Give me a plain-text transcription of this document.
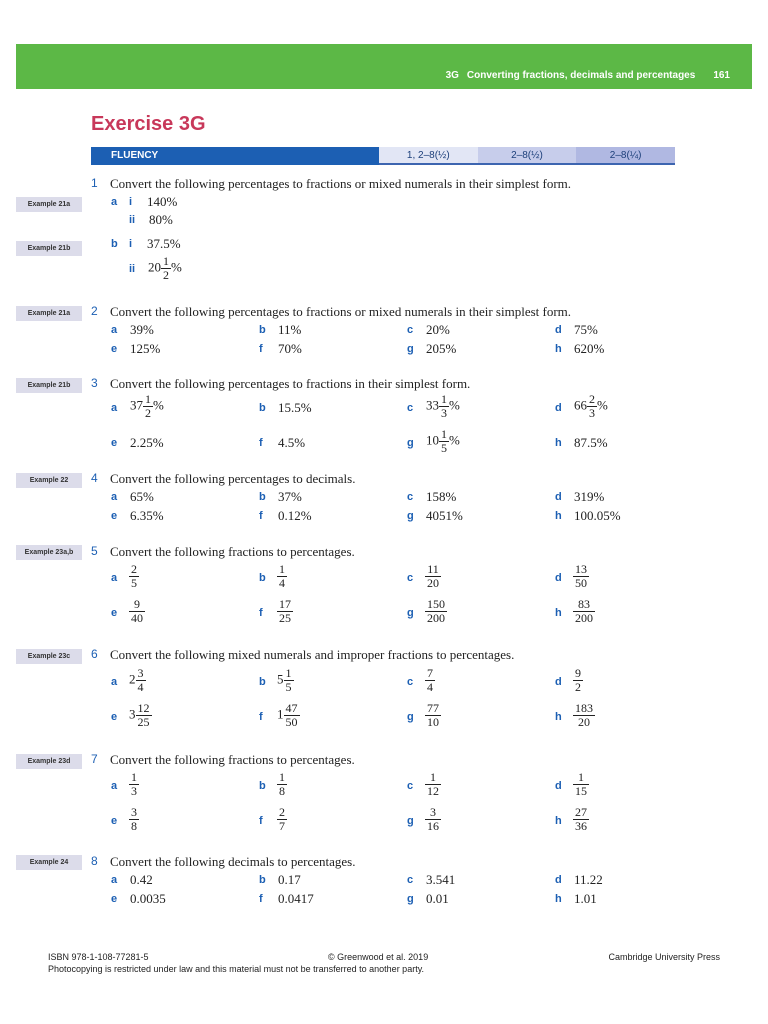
3G Converting fractions, decimals and percentages 161
Exercise 3G
FLUENCY	1, 2–8(½)	2–8(½)	2–8(¼)
Example 21a
Example 21b
Example 21a
Example 21b
Example 22
Example 23a,b
Example 23c
Example 23d
Example 24
1 Convert the following percentages to fractions or mixed numerals in their simplest form.
a i 140%
ii 80%
b i 37.5%
ii $20 \frac{1}{2}$ %
2 Convert the following percentages to fractions or mixed numerals in their simplest form.
a 39%	b 11%	c 20%	d 75%
e 125%	f 70%	g 205%	h 620%
3 Convert the following percentages to fractions in their simplest form.
a $37 \frac{1}{2}$ %	b 15.5%	c $33 \frac{1}{3}$ %	d $66 \frac{2}{3}$ %
e 2.25%	f 4.5%	g $10 \frac{1}{5}$ %	h 87.5%
4 Convert the following percentages to decimals.
a 65%	b 37%	c 158%	d 319%
e 6.35%	f 0.12%	g 4051%	h 100.05%
5 Convert the following fractions to percentages.
a $\frac{2}{5}$	b $\frac{1}{4}$	c $\frac{11}{20}$	d $\frac{13}{50}$
e $\frac{9}{40}$	f $\frac{17}{25}$	g $\frac{150}{200}$	h $\frac{83}{200}$
6 Convert the following mixed numerals and improper fractions to percentages.
a $2 \frac{3}{4}$	b $5 \frac{1}{5}$	c $\frac{7}{4}$	d $\frac{9}{2}$
e $3 \frac{12}{25}$	f $1 \frac{47}{50}$	g $\frac{77}{10}$	h $\frac{183}{20}$
7 Convert the following fractions to percentages.
a $\frac{1}{3}$	b $\frac{1}{8}$	c $\frac{1}{12}$	d $\frac{1}{15}$
e $\frac{3}{8}$	f $\frac{2}{7}$	g $\frac{3}{16}$	h $\frac{27}{36}$
8 Convert the following decimals to percentages.
a 0.42	b 0.17	c 3.541	d 11.22
e 0.0035	f 0.0417	g 0.01	h 1.01
ISBN 978-1-108-77281-5	© Greenwood et al. 2019	Cambridge University Press
Photocopying is restricted under law and this material must not be transferred to another party.
